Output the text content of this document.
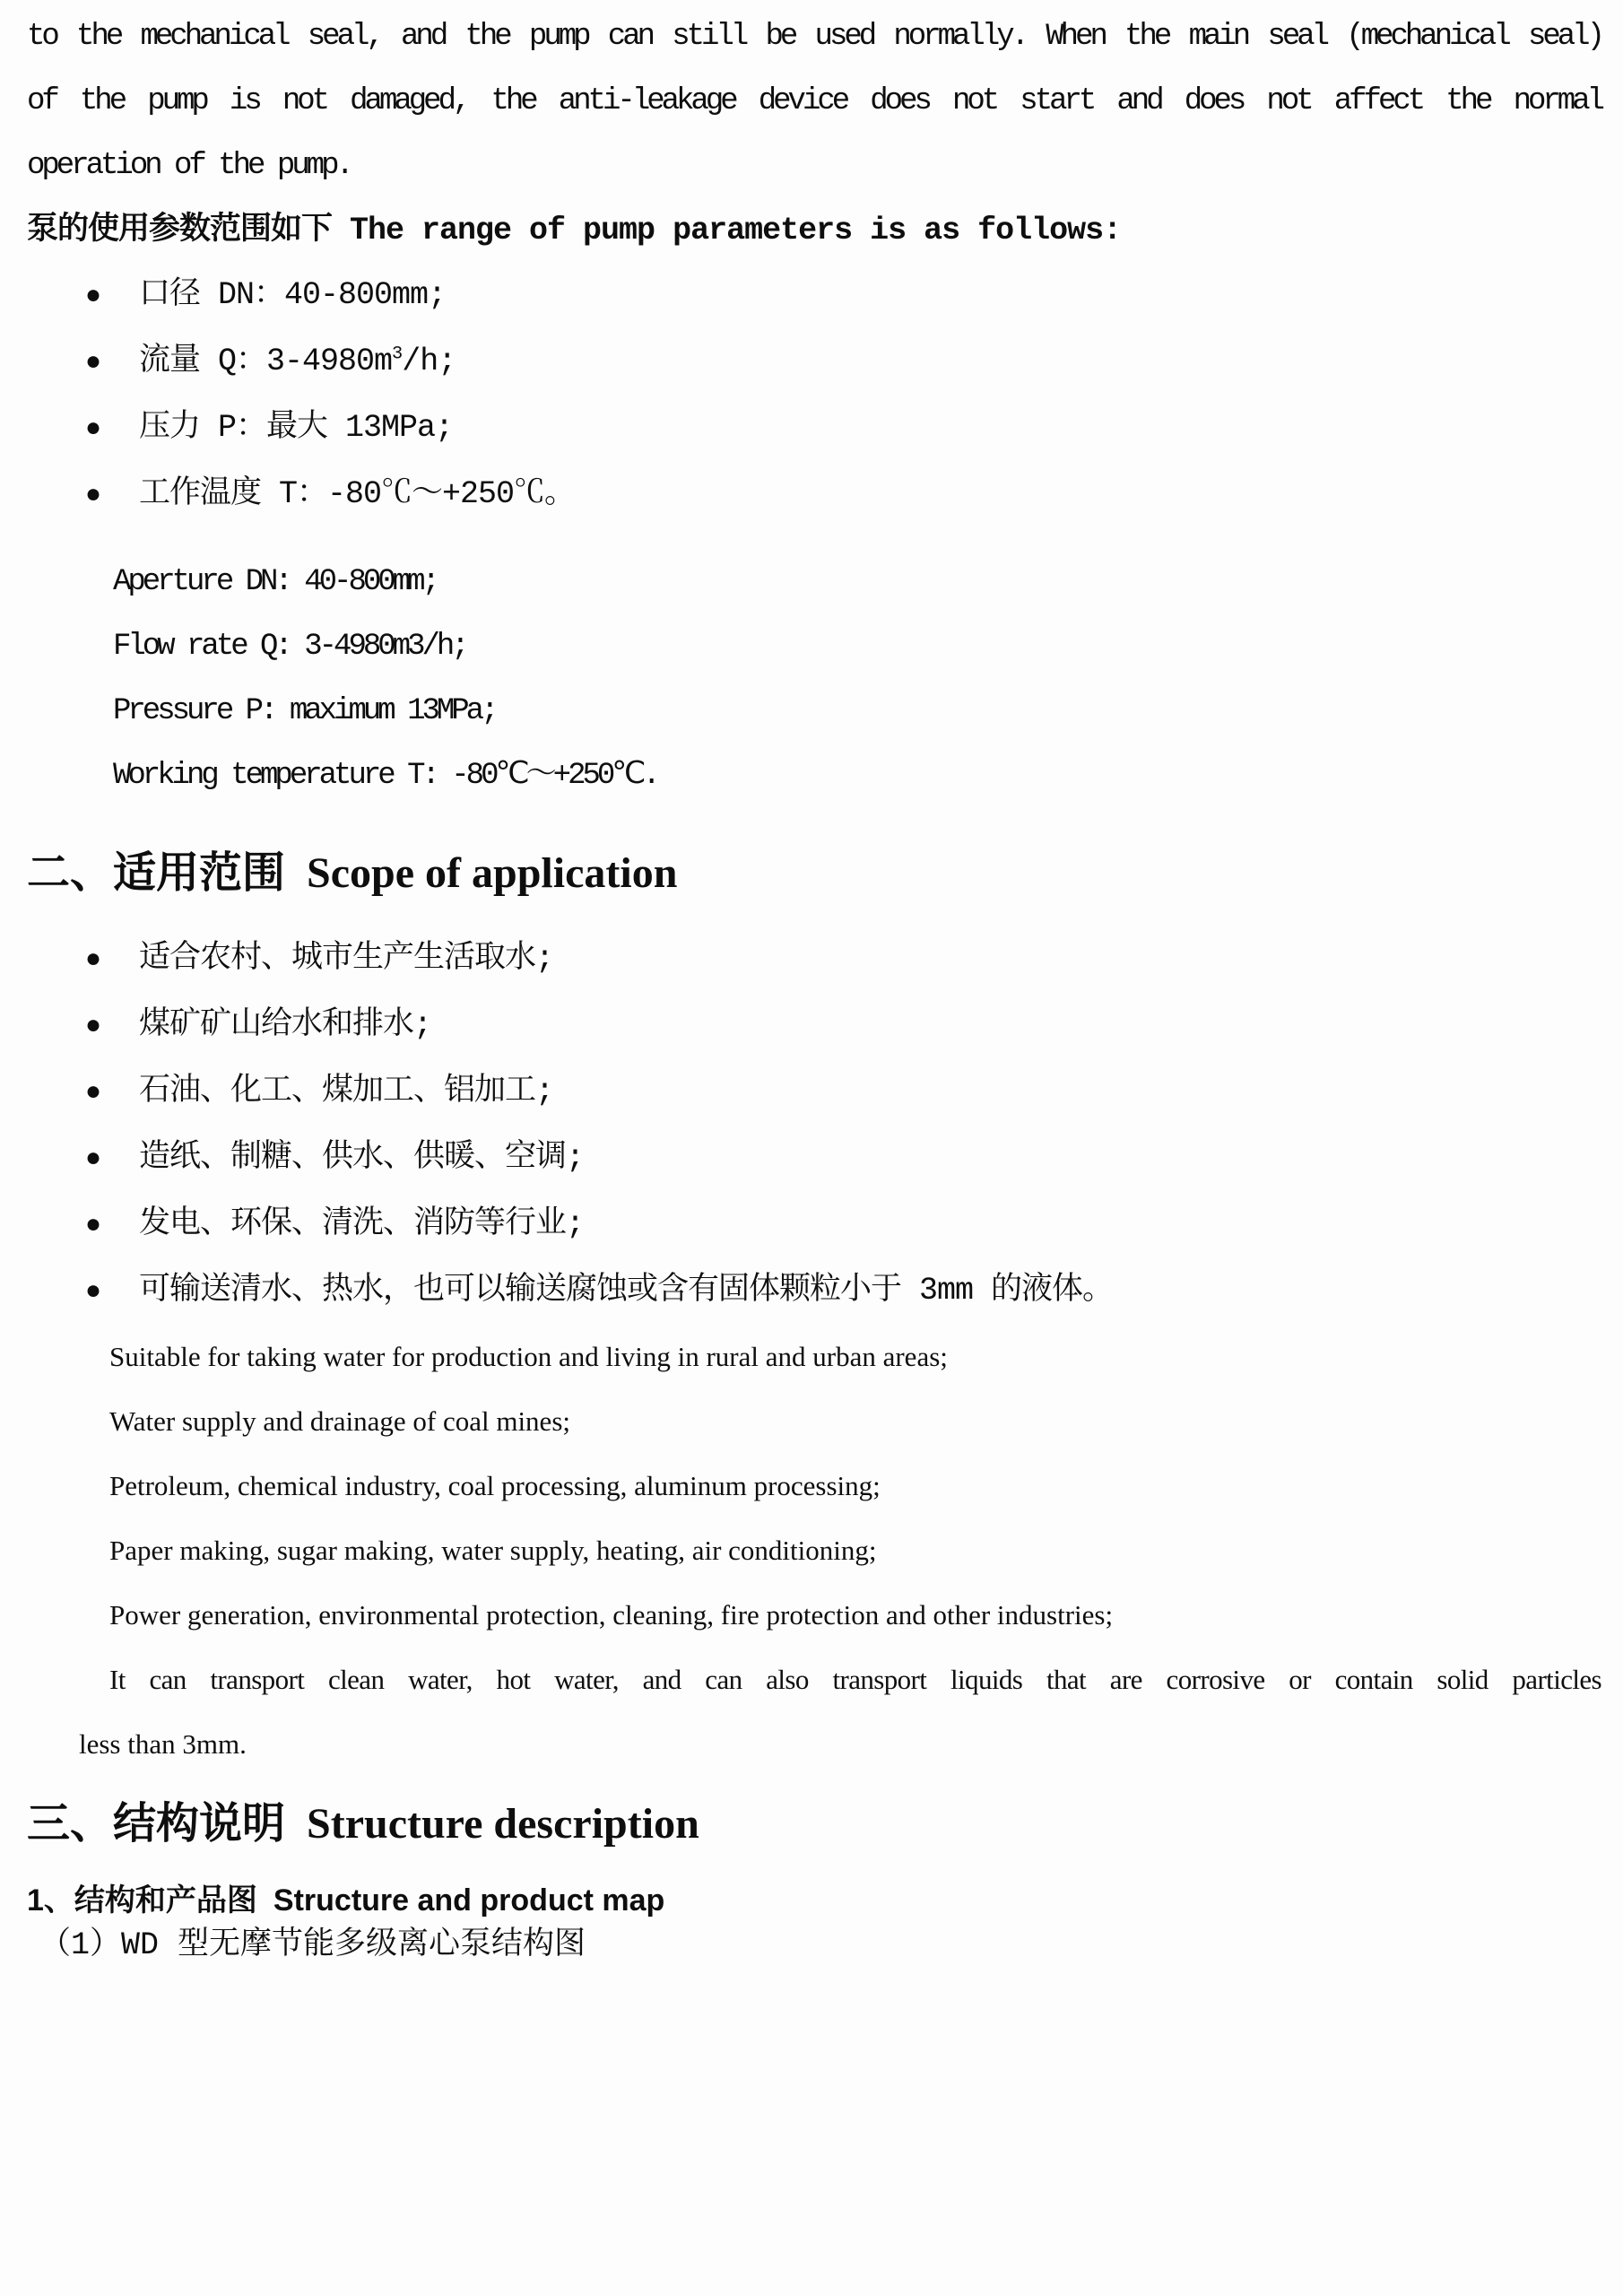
to the mechanical seal, and the pump can still be used normally. When the main seal (mechanical seal)
of the pump is not damaged, the anti-leakage device does not start and does not affect the normal
operation of the pump.
泵的使用参数范围如下 The range of pump parameters is as follows:
● 口径 DN：40-800mm;
● 流量 Q：$3-4980m^3/h$;
● 压力 P：最大 13MPa;
● 工作温度 T：-80℃～+250℃。
Aperture DN: 40-800mm;
Flow rate Q: 3-4980m3/h;
Pressure P: maximum 13MPa;
Working temperature T: -80℃～+250℃.
二、适用范围 Scope of application
● 适合农村、城市生产生活取水;
● 煤矿矿山给水和排水;
● 石油、化工、煤加工、铝加工;
● 造纸、制糖、供水、供暖、空调;
● 发电、环保、清洗、消防等行业;
● 可输送清水、热水，也可以输送腐蚀或含有固体颗粒小于 3mm 的液体。
Suitable for taking water for production and living in rural and urban areas;
Water supply and drainage of coal mines;
Petroleum, chemical industry, coal processing, aluminum processing;
Paper making, sugar making, water supply, heating, air conditioning;
Power generation, environmental protection, cleaning, fire protection and other industries;
It can transport clean water, hot water, and can also transport liquids that are corrosive or contain solid particles
less than 3mm.
三、结构说明 Structure description
1、结构和产品图 Structure and product map
（1）WD 型无摩节能多级离心泵结构图
